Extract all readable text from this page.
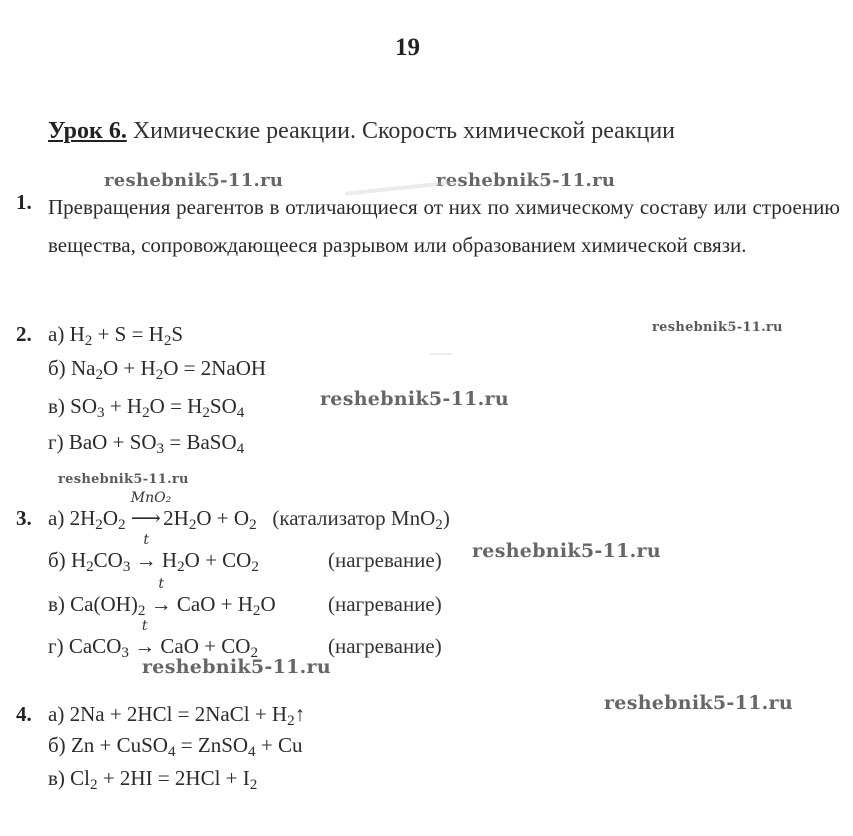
19
Урок 6. Химические реакции. Скорость химической реакции
reshebnik5-11.ru	reshebnik5-11.ru
reshebnik5-11.ru
reshebnik5-11.ru
reshebnik5-11.ru
reshebnik5-11.ru
reshebnik5-11.ru
reshebnik5-11.ru
1. Превращения реагентов в отличающиеся от них по химическому составу или строению вещества, сопровождающееся разрывом или образованием химической связи.
2. а) $H_2 + S = H_2S$
б) $Na_2O + H_2O$ = 2NaOH
в) $SO_3 + H_2O = H_2SO_4$
г) BaO + $SO_3$ = BaSO$_4$
3. а) $2H_2O_2$
MnO₂
⟶ $2H_2O + O_2$ (катализатор MnO$_2$)
б) $H_2CO_3$
t
→ $H_2O + CO_2$	(нагревание)
в) $Ca(OH)_2$
t
→ CaO + $H_2O$ (нагревание)
г) CaCO$_3$
t
→ CaO + $CO_2$	(нагревание)
4. а) 2Na + 2HCl = 2NaCl + $H_2↑$
б) Zn + CuSO$_4$ = ZnSO$_4$ + Cu
в) $Cl_2 + 2HI = 2HCl + I_2$
